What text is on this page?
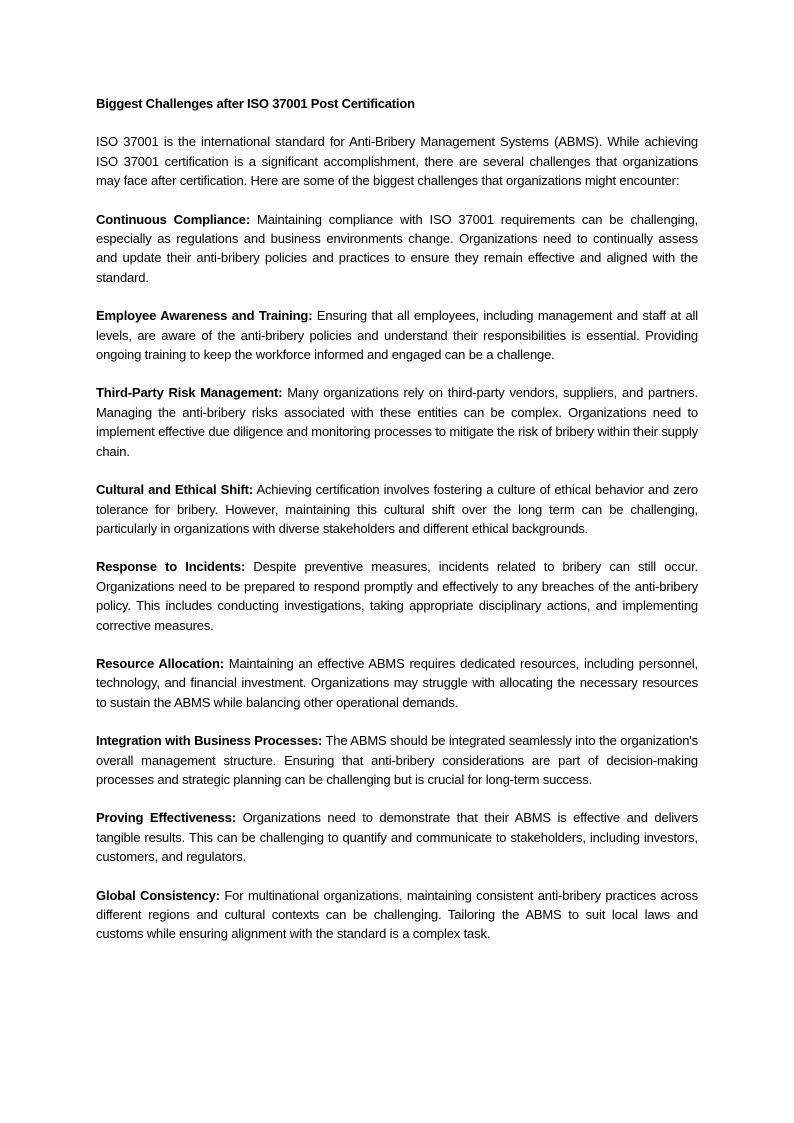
Biggest Challenges after ISO 37001 Post Certification

ISO 37001 is the international standard for Anti-Bribery Management Systems (ABMS). While achieving ISO 37001 certification is a significant accomplishment, there are several challenges that organizations may face after certification. Here are some of the biggest challenges that organizations might encounter:

Continuous Compliance: Maintaining compliance with ISO 37001 requirements can be challenging, especially as regulations and business environments change. Organizations need to continually assess and update their anti-bribery policies and practices to ensure they remain effective and aligned with the standard.

Employee Awareness and Training: Ensuring that all employees, including management and staff at all levels, are aware of the anti-bribery policies and understand their responsibilities is essential. Providing ongoing training to keep the workforce informed and engaged can be a challenge.

Third-Party Risk Management: Many organizations rely on third-party vendors, suppliers, and partners. Managing the anti-bribery risks associated with these entities can be complex. Organizations need to implement effective due diligence and monitoring processes to mitigate the risk of bribery within their supply chain.

Cultural and Ethical Shift: Achieving certification involves fostering a culture of ethical behavior and zero tolerance for bribery. However, maintaining this cultural shift over the long term can be challenging, particularly in organizations with diverse stakeholders and different ethical backgrounds.

Response to Incidents: Despite preventive measures, incidents related to bribery can still occur. Organizations need to be prepared to respond promptly and effectively to any breaches of the anti-bribery policy. This includes conducting investigations, taking appropriate disciplinary actions, and implementing corrective measures.

Resource Allocation: Maintaining an effective ABMS requires dedicated resources, including personnel, technology, and financial investment. Organizations may struggle with allocating the necessary resources to sustain the ABMS while balancing other operational demands.

Integration with Business Processes: The ABMS should be integrated seamlessly into the organization's overall management structure. Ensuring that anti-bribery considerations are part of decision-making processes and strategic planning can be challenging but is crucial for long-term success.

Proving Effectiveness: Organizations need to demonstrate that their ABMS is effective and delivers tangible results. This can be challenging to quantify and communicate to stakeholders, including investors, customers, and regulators.

Global Consistency: For multinational organizations, maintaining consistent anti-bribery practices across different regions and cultural contexts can be challenging. Tailoring the ABMS to suit local laws and customs while ensuring alignment with the standard is a complex task.
